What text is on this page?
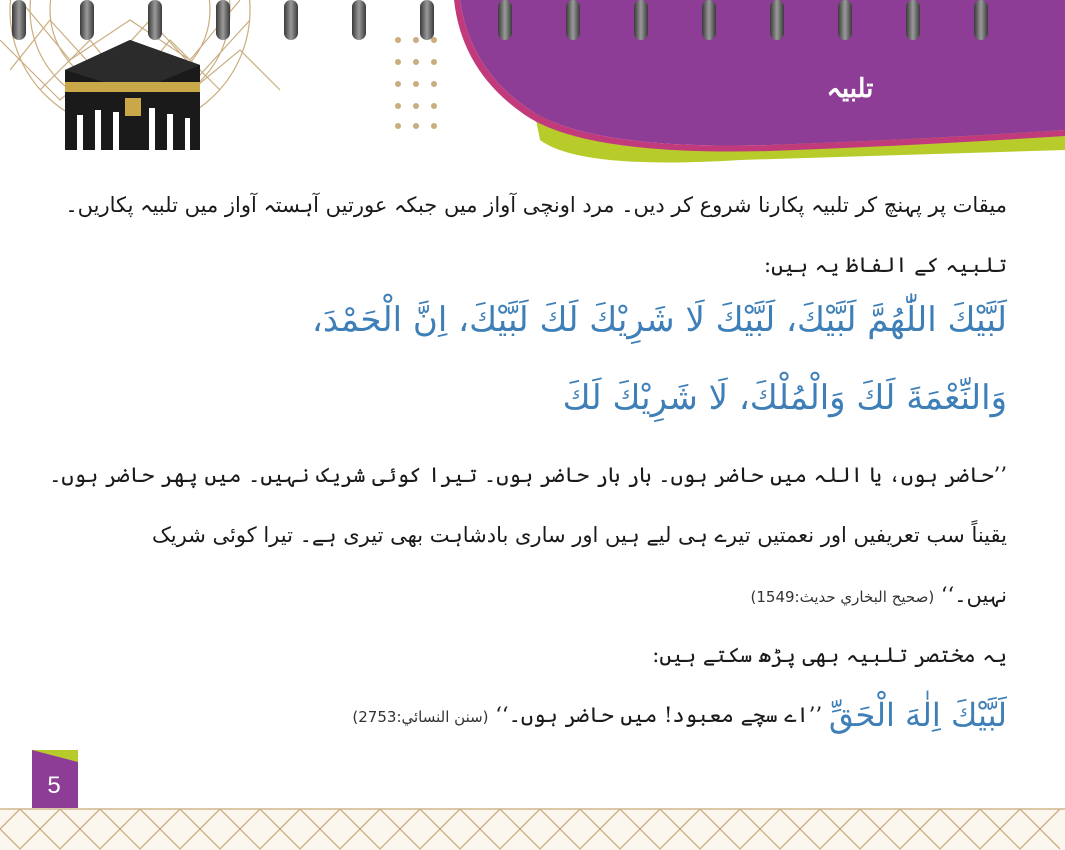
تلبیہ
میقات پر پہنچ کر تلبیہ پکارنا شروع کر دیں۔ مرد اونچی آواز میں جبکہ عورتیں آہستہ آواز میں تلبیہ پکاریں۔
تلبیہ کے الفاظ یہ ہیں:
لَبَّيْكَ اللّٰهُمَّ لَبَّيْكَ، لَبَّيْكَ لَا شَرِيْكَ لَكَ لَبَّيْكَ، اِنَّ الْحَمْدَ،
وَالنِّعْمَةَ لَكَ وَالْمُلْكَ، لَا شَرِيْكَ لَكَ
’’حاضر ہوں، یا اللہ میں حاضر ہوں۔ بار بار حاضر ہوں۔ تیرا کوئی شریک نہیں۔ میں پھر حاضر ہوں۔
یقیناً سب تعریفیں اور نعمتیں تیرے ہی لیے ہیں اور ساری بادشاہت بھی تیری ہے۔ تیرا کوئی شریک
نہیں۔‘‘ (صحيح البخاري حديث:1549)
یہ مختصر تلبیہ بھی پڑھ سکتے ہیں:
لَبَّيْكَ اِلٰهَ الْحَقِّ ’’اے سچے معبود! میں حاضر ہوں۔‘‘ (سنن النسائي:2753)
5
